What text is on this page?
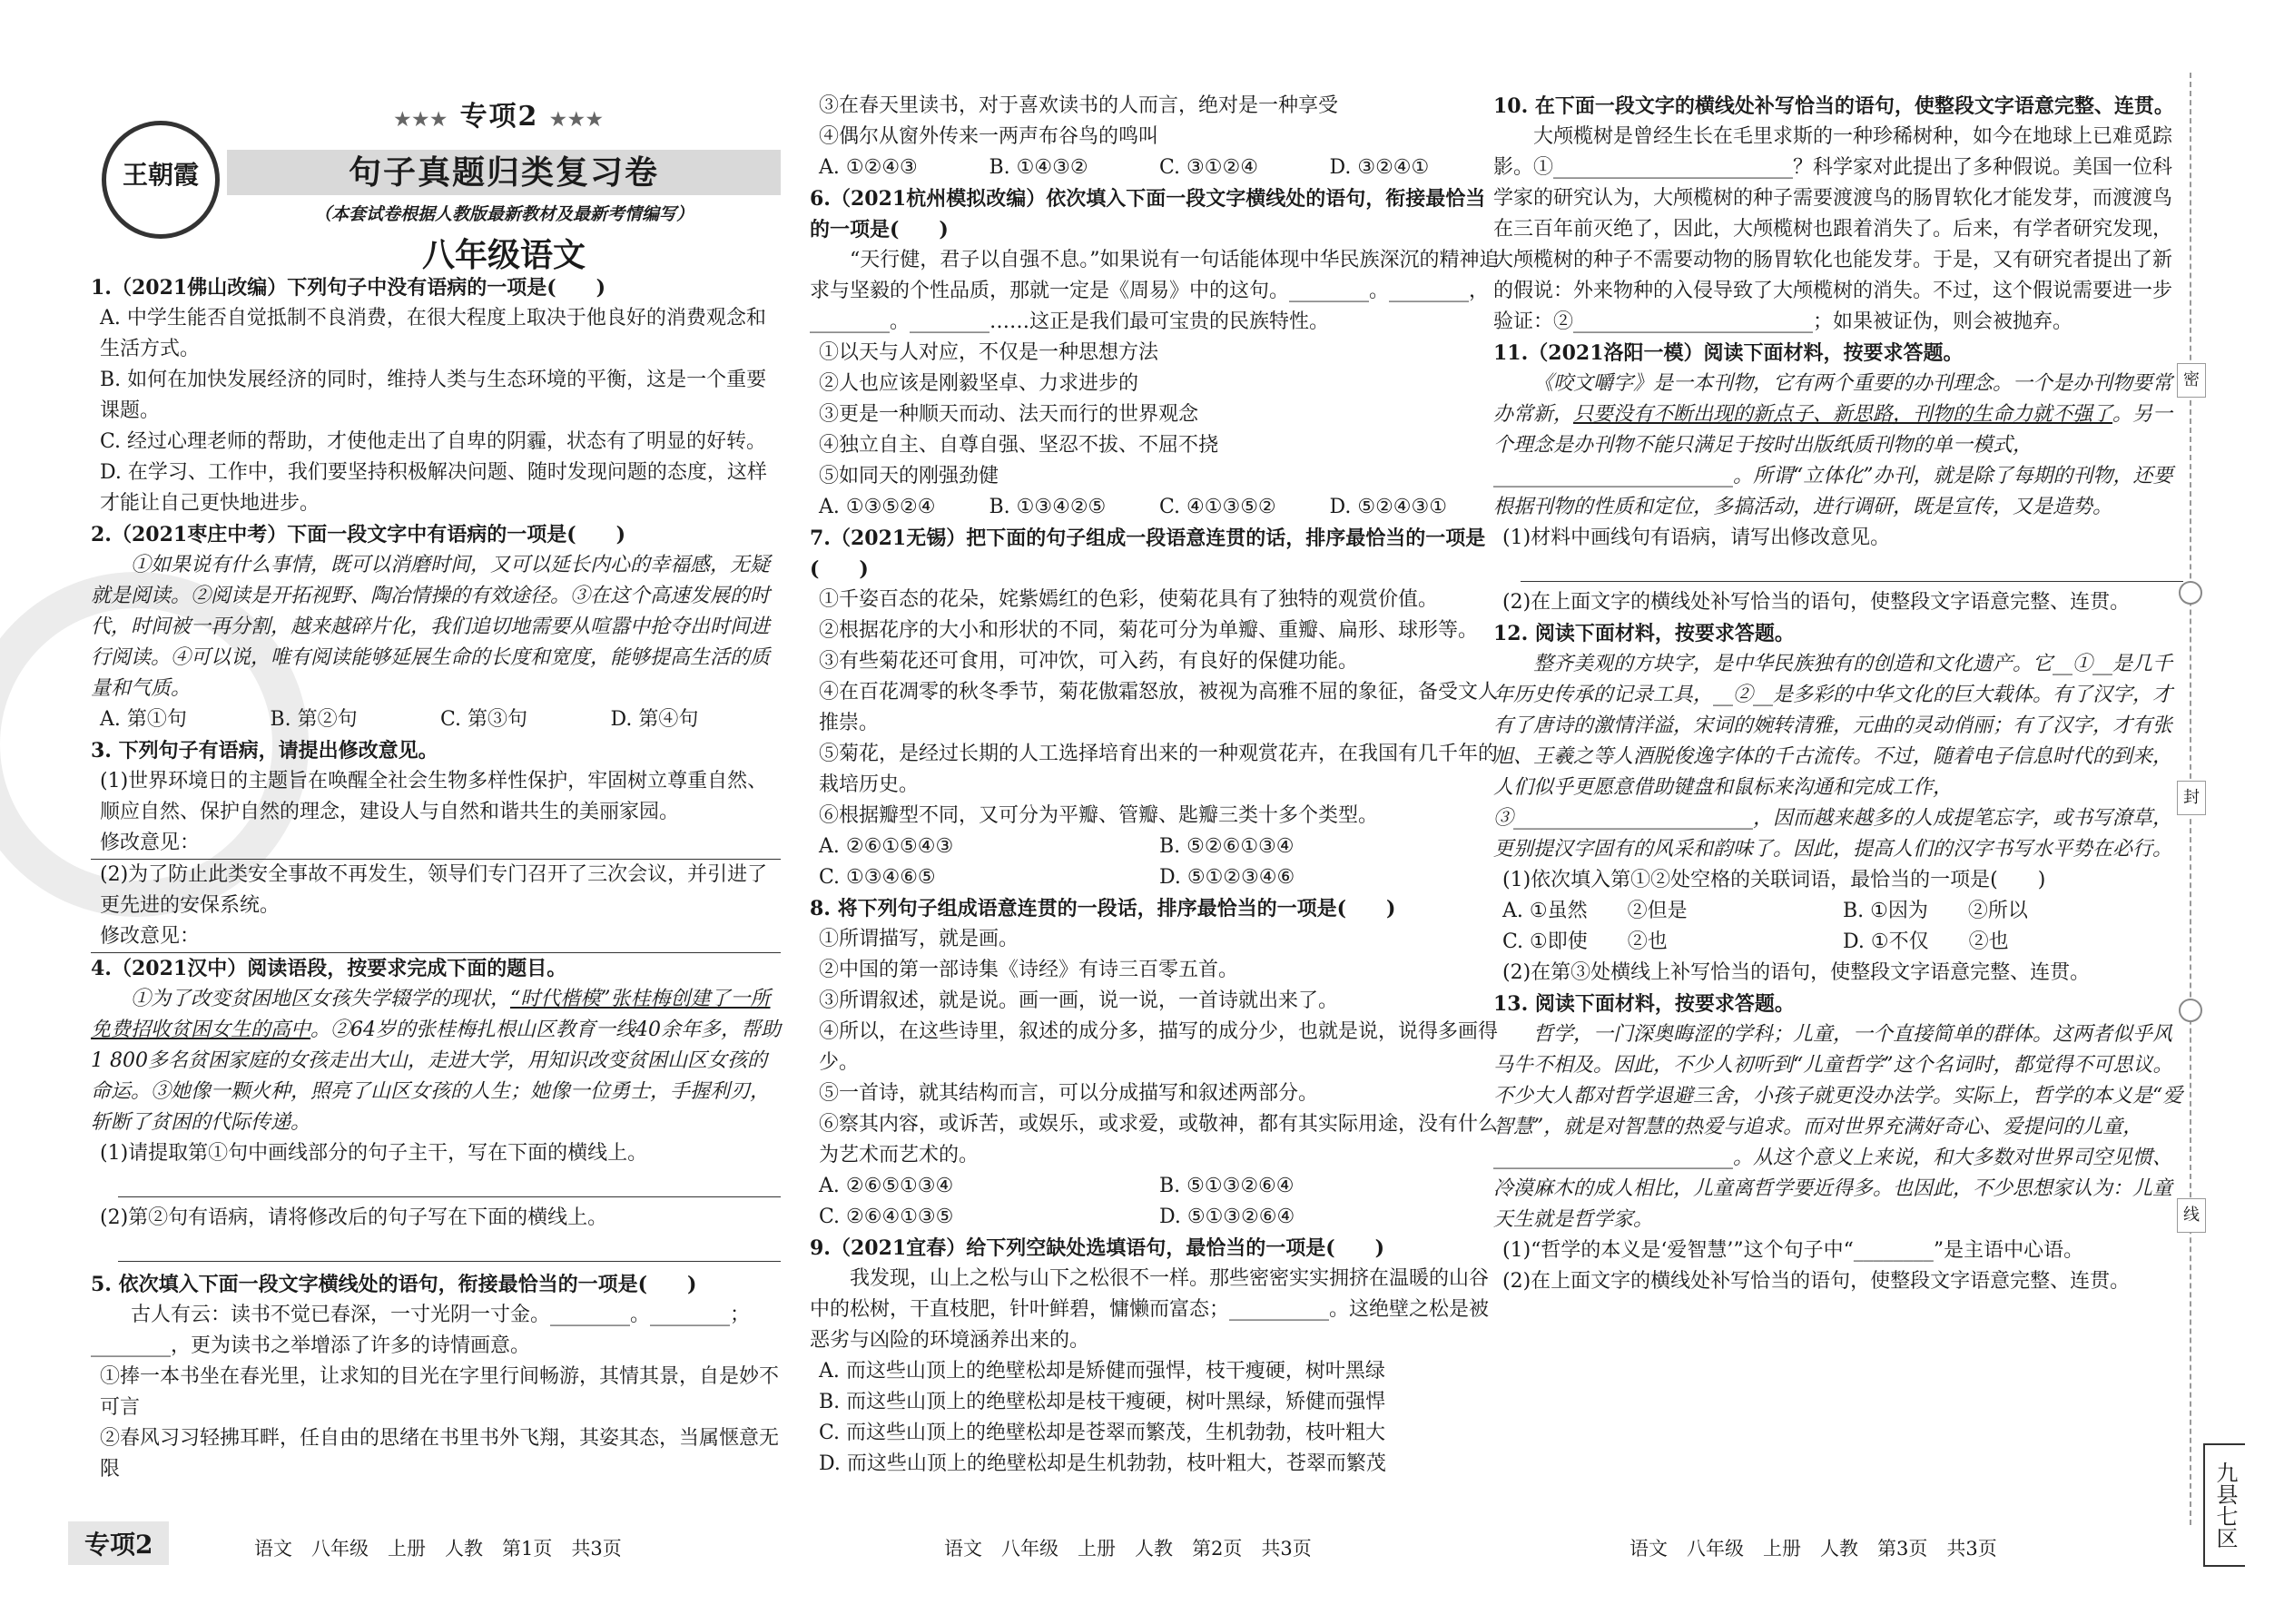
王朝霞
★★★ 专项2 ★★★
句子真题归类复习卷
（本套试卷根据人教版最新教材及最新考情编写）
八年级语文

1.（2021佛山改编）下列句子中没有语病的一项是(　　)

A. 中学生能否自觉抵制不良消费，在很大程度上取决于他良好的消费观念和生活方式。

B. 如何在加快发展经济的同时，维持人类与生态环境的平衡，这是一个重要课题。

C. 经过心理老师的帮助，才使他走出了自卑的阴霾，状态有了明显的好转。

D. 在学习、工作中，我们要坚持积极解决问题、随时发现问题的态度，这样才能让自己更快地进步。

2.（2021枣庄中考）下面一段文字中有语病的一项是(　　)

①如果说有什么事情，既可以消磨时间，又可以延长内心的幸福感，无疑就是阅读。②阅读是开拓视野、陶冶情操的有效途径。③在这个高速发展的时代，时间被一再分割，越来越碎片化，我们追切地需要从喧嚣中抢夺出时间进行阅读。④可以说，唯有阅读能够延展生命的长度和宽度，能够提高生活的质量和气质。

A. 第①句	B. 第②句	C. 第③句	D. 第④句

3. 下列句子有语病，请提出修改意见。

(1)世界环境日的主题旨在唤醒全社会生物多样性保护，牢固树立尊重自然、顺应自然、保护自然的理念，建设人与自然和谐共生的美丽家园。

修改意见：

(2)为了防止此类安全事故不再发生，领导们专门召开了三次会议，并引进了更先进的安保系统。

修改意见：

4.（2021汉中）阅读语段，按要求完成下面的题目。

①为了改变贫困地区女孩失学辍学的现状，“时代楷模”张桂梅创建了一所免费招收贫困女生的高中。②64岁的张桂梅扎根山区教育一线40余年多，帮助1 800多名贫困家庭的女孩走出大山，走进大学，用知识改变贫困山区女孩的命运。③她像一颗火种，照亮了山区女孩的人生；她像一位勇士，手握利刃，斩断了贫困的代际传递。

(1)请提取第①句中画线部分的句子主干，写在下面的横线上。

(2)第②句有语病，请将修改后的句子写在下面的横线上。

5. 依次填入下面一段文字横线处的语句，衔接最恰当的一项是(　　)

古人有云：读书不觉已春深，一寸光阴一寸金。________。________；________，更为读书之举增添了许多的诗情画意。

①捧一本书坐在春光里，让求知的目光在字里行间畅游，其情其景，自是妙不可言

②春风习习轻拂耳畔，任自由的思绪在书里书外飞翔，其姿其态，当属惬意无限

③在春天里读书，对于喜欢读书的人而言，绝对是一种享受

④偶尔从窗外传来一两声布谷鸟的鸣叫

A. ①②④③	B. ①④③②	C. ③①②④	D. ③②④①

6.（2021杭州模拟改编）依次填入下面一段文字横线处的语句，衔接最恰当的一项是(　　)

“天行健，君子以自强不息。”如果说有一句话能体现中华民族深沉的精神追求与坚毅的个性品质，那就一定是《周易》中的这句。________。________，________。________……这正是我们最可宝贵的民族特性。

①以天与人对应，不仅是一种思想方法

②人也应该是刚毅坚卓、力求进步的

③更是一种顺天而动、法天而行的世界观念

④独立自主、自尊自强、坚忍不拔、不屈不挠

⑤如同天的刚强劲健

A. ①③⑤②④	B. ①③④②⑤	C. ④①③⑤②	D. ⑤②④③①

7.（2021无锡）把下面的句子组成一段语意连贯的话，排序最恰当的一项是(　　)

①千姿百态的花朵，姹紫嫣红的色彩，使菊花具有了独特的观赏价值。

②根据花序的大小和形状的不同，菊花可分为单瓣、重瓣、扁形、球形等。

③有些菊花还可食用，可冲饮，可入药，有良好的保健功能。

④在百花凋零的秋冬季节，菊花傲霜怒放，被视为高雅不屈的象征，备受文人推崇。

⑤菊花，是经过长期的人工选择培育出来的一种观赏花卉，在我国有几千年的栽培历史。

⑥根据瓣型不同，又可分为平瓣、管瓣、匙瓣三类十多个类型。

A. ②⑥①⑤④③	B. ⑤②⑥①③④
C. ①③④⑥⑤	D. ⑤①②③④⑥

8. 将下列句子组成语意连贯的一段话，排序最恰当的一项是(　　)

①所谓描写，就是画。

②中国的第一部诗集《诗经》有诗三百零五首。

③所谓叙述，就是说。画一画，说一说，一首诗就出来了。

④所以，在这些诗里，叙述的成分多，描写的成分少，也就是说，说得多画得少。

⑤一首诗，就其结构而言，可以分成描写和叙述两部分。

⑥察其内容，或诉苦，或娱乐，或求爱，或敬神，都有其实际用途，没有什么为艺术而艺术的。

A. ②⑥⑤①③④	B. ⑤①③②⑥④
C. ②⑥④①③⑤	D. ⑤①③②⑥④

9.（2021宜春）给下列空缺处选填语句，最恰当的一项是(　　)

我发现，山上之松与山下之松很不一样。那些密密实实拥挤在温暖的山谷中的松树，干直枝肥，针叶鲜碧，慵懒而富态；__________。这绝壁之松是被恶劣与凶险的环境涵养出来的。

A. 而这些山顶上的绝壁松却是矫健而强悍，枝干瘦硬，树叶黑绿

B. 而这些山顶上的绝壁松却是枝干瘦硬，树叶黑绿，矫健而强悍

C. 而这些山顶上的绝壁松却是苍翠而繁茂，生机勃勃，枝叶粗大

D. 而这些山顶上的绝壁松却是生机勃勃，枝叶粗大，苍翠而繁茂

10. 在下面一段文字的横线处补写恰当的语句，使整段文字语意完整、连贯。

大颅榄树是曾经生长在毛里求斯的一种珍稀树种，如今在地球上已难觅踪影。①________________________？科学家对此提出了多种假说。美国一位科学家的研究认为，大颅榄树的种子需要渡渡鸟的肠胃软化才能发芽，而渡渡鸟在三百年前灭绝了，因此，大颅榄树也跟着消失了。后来，有学者研究发现，大颅榄树的种子不需要动物的肠胃软化也能发芽。于是，又有研究者提出了新的假说：外来物种的入侵导致了大颅榄树的消失。不过，这个假说需要进一步验证：②________________________；如果被证伪，则会被抛弃。

11.（2021洛阳一模）阅读下面材料，按要求答题。

《咬文嚼字》是一本刊物，它有两个重要的办刊理念。一个是办刊物要常办常新，只要没有不断出现的新点子、新思路，刊物的生命力就不强了。另一个理念是办刊物不能只满足于按时出版纸质刊物的单一模式，________________________。所谓“立体化”办刊，就是除了每期的刊物，还要根据刊物的性质和定位，多搞活动，进行调研，既是宣传，又是造势。

(1)材料中画线句有语病，请写出修改意见。

(2)在上面文字的横线处补写恰当的语句，使整段文字语意完整、连贯。

12. 阅读下面材料，按要求答题。

整齐美观的方块字，是中华民族独有的创造和文化遗产。它__①__是几千年历史传承的记录工具，__②__是多彩的中华文化的巨大载体。有了汉字，才有了唐诗的激情洋溢，宋词的婉转清雅，元曲的灵动俏丽；有了汉字，才有张旭、王羲之等人酒脱俊逸字体的千古流传。不过，随着电子信息时代的到来，人们似乎更愿意借助键盘和鼠标来沟通和完成工作，③________________________，因而越来越多的人成提笔忘字，或书写潦草，更别提汉字固有的风采和韵味了。因此，提高人们的汉字书写水平势在必行。

(1)依次填入第①②处空格的关联词语，最恰当的一项是(　　)

A. ①虽然　　②但是	B. ①因为　　②所以
C. ①即使　　②也	D. ①不仅　　②也

(2)在第③处横线上补写恰当的语句，使整段文字语意完整、连贯。

13. 阅读下面材料，按要求答题。

哲学，一门深奥晦涩的学科；儿童，一个直接简单的群体。这两者似乎风马牛不相及。因此，不少人初听到“儿童哲学”这个名词时，都觉得不可思议。不少大人都对哲学退避三舍，小孩子就更没办法学。实际上，哲学的本义是“爱智慧”，就是对智慧的热爱与追求。而对世界充满好奇心、爱提问的儿童，________________________。从这个意义上来说，和大多数对世界司空见惯、冷漠麻木的成人相比，儿童离哲学要近得多。也因此，不少思想家认为：儿童天生就是哲学家。

(1)“哲学的本义是‘爱智慧’”这个句子中“________”是主语中心语。

(2)在上面文字的横线处补写恰当的语句，使整段文字语意完整、连贯。

专项2	语文　八年级　上册　人教　第1页　共3页	语文　八年级　上册　人教　第2页　共3页	语文　八年级　上册　人教　第3页　共3页
密
封
线
九县七区
